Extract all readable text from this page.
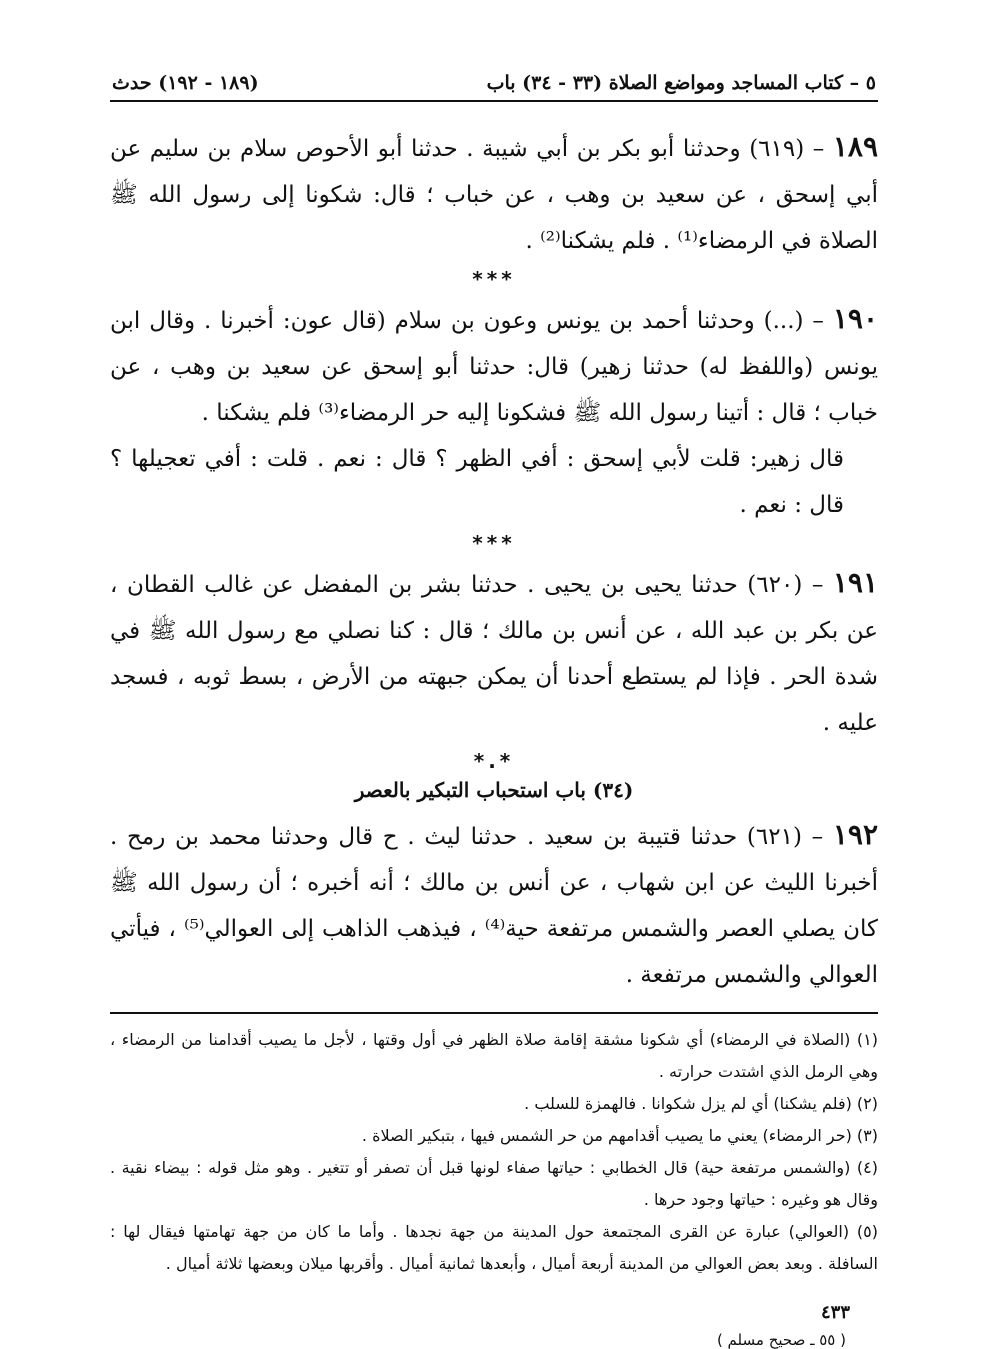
٥ – كتاب المساجد ومواضع الصلاة (٣٣ - ٣٤) باب
(١٨٩ - ١٩٢) حدث

١٨٩ – (٦١٩) وحدثنا أبو بكر بن أبي شيبة . حدثنا أبو الأحوص سلام بن سليم عن أبي إسحق ، عن سعيد بن وهب ، عن خباب ؛ قال: شكونا إلى رسول الله ﷺ الصلاة في الرمضاء⁽¹⁾ . فلم يشكنا⁽²⁾ .

***

١٩٠ – (...) وحدثنا أحمد بن يونس وعون بن سلام (قال عون: أخبرنا . وقال ابن يونس (واللفظ له) حدثنا زهير) قال: حدثنا أبو إسحق عن سعيد بن وهب ، عن خباب ؛ قال : أتينا رسول الله ﷺ فشكونا إليه حر الرمضاء⁽³⁾ فلم يشكنا .

قال زهير: قلت لأبي إسحق : أفي الظهر ؟ قال : نعم . قلت : أفي تعجيلها ؟ قال : نعم .

***

١٩١ – (٦٢٠) حدثنا يحيى بن يحيى . حدثنا بشر بن المفضل عن غالب القطان ، عن بكر بن عبد الله ، عن أنس بن مالك ؛ قال : كنا نصلي مع رسول الله ﷺ في شدة الحر . فإذا لم يستطع أحدنا أن يمكن جبهته من الأرض ، بسط ثوبه ، فسجد عليه .

*.*
(٣٤) باب استحباب التبكير بالعصر

١٩٢ – (٦٢١) حدثنا قتيبة بن سعيد . حدثنا ليث . ح قال وحدثنا محمد بن رمح . أخبرنا الليث عن ابن شهاب ، عن أنس بن مالك ؛ أنه أخبره ؛ أن رسول الله ﷺ كان يصلي العصر والشمس مرتفعة حية⁽⁴⁾ ، فيذهب الذاهب إلى العوالي⁽⁵⁾ ، فيأتي العوالي والشمس مرتفعة .

(١) (الصلاة في الرمضاء) أي شكونا مشقة إقامة صلاة الظهر في أول وقتها ، لأجل ما يصيب أقدامنا من الرمضاء ، وهي الرمل الذي اشتدت حرارته .

(٢) (فلم يشكنا) أي لم يزل شكوانا . فالهمزة للسلب .

(٣) (حر الرمضاء) يعني ما يصيب أقدامهم من حر الشمس فيها ، بتبكير الصلاة .

(٤) (والشمس مرتفعة حية) قال الخطابي : حياتها صفاء لونها قبل أن تصفر أو تتغير . وهو مثل قوله : بيضاء نقية . وقال هو وغيره : حياتها وجود حرها .

(٥) (العوالي) عبارة عن القرى المجتمعة حول المدينة من جهة نجدها . وأما ما كان من جهة تهامتها فيقال لها : السافلة . وبعد بعض العوالي من المدينة أربعة أميال ، وأبعدها ثمانية أميال . وأقربها ميلان وبعضها ثلاثة أميال .

٤٣٣
( ٥٥ ـ صحيح مسلم )
